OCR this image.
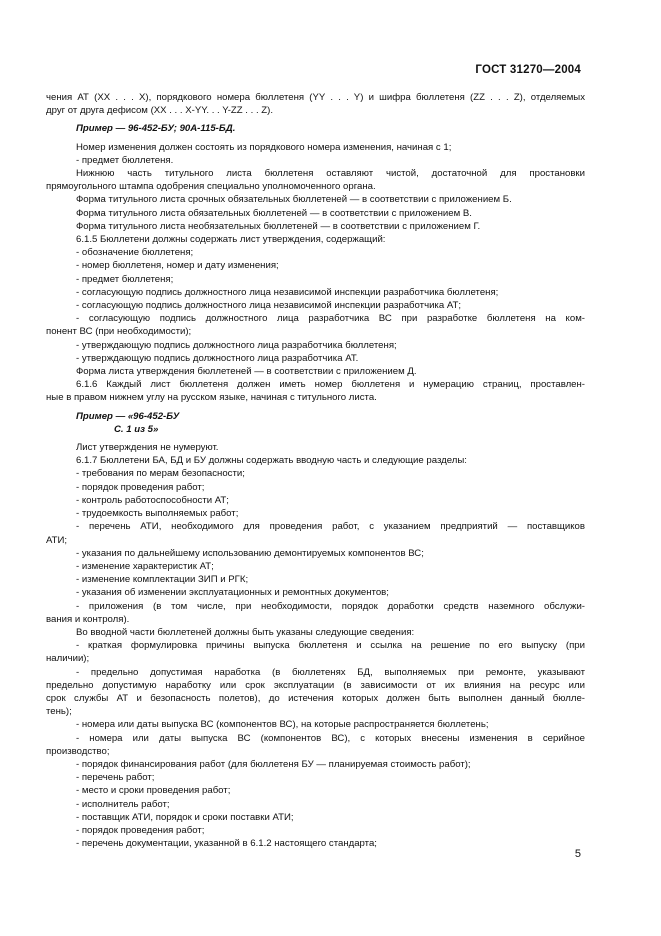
ГОСТ 31270—2004
чения АТ (ХХ . . . Х), порядкового номера бюллетеня (YY . . . Y) и шифра бюллетеня (ZZ . . . Z), отделяемых
друг от друга дефисом (XX . . . X-YY. . . Y-ZZ . . . Z).
Пример — 96-452-БУ; 90А-115-БД.
Номер изменения должен состоять из порядкового номера изменения, начиная с 1;
- предмет бюллетеня.
Нижнюю часть титульного листа бюллетеня оставляют чистой, достаточной для простановки
прямоугольного штампа одобрения специально уполномоченного органа.
Форма титульного листа срочных обязательных бюллетеней — в соответствии с приложением Б.
Форма титульного листа обязательных бюллетеней — в соответствии с приложением В.
Форма титульного листа необязательных бюллетеней — в соответствии с приложением Г.
6.1.5 Бюллетени должны содержать лист утверждения, содержащий:
- обозначение бюллетеня;
- номер бюллетеня, номер и дату изменения;
- предмет бюллетеня;
- согласующую подпись должностного лица независимой инспекции разработчика бюллетеня;
- согласующую подпись должностного лица независимой инспекции разработчика АТ;
- согласующую подпись должностного лица разработчика ВС при разработке бюллетеня на ком-
понент ВС (при необходимости);
- утверждающую подпись должностного лица разработчика бюллетеня;
- утверждающую подпись должностного лица разработчика АТ.
Форма листа утверждения бюллетеней — в соответствии с приложением Д.
6.1.6 Каждый лист бюллетеня должен иметь номер бюллетеня и нумерацию страниц, проставлен-
ные в правом нижнем углу на русском языке, начиная с титульного листа.
Пример — «96-452-БУ
С. 1 из 5»
Лист утверждения не нумеруют.
6.1.7 Бюллетени БА, БД и БУ должны содержать вводную часть и следующие разделы:
- требования по мерам безопасности;
- порядок проведения работ;
- контроль работоспособности АТ;
- трудоемкость выполняемых работ;
- перечень АТИ, необходимого для проведения работ, с указанием предприятий — поставщиков
АТИ;
- указания по дальнейшему использованию демонтируемых компонентов ВС;
- изменение характеристик АТ;
- изменение комплектации ЗИП и РГК;
- указания об изменении эксплуатационных и ремонтных документов;
- приложения (в том числе, при необходимости, порядок доработки средств наземного обслужи-
вания и контроля).
Во вводной части бюллетеней должны быть указаны следующие сведения:
- краткая формулировка причины выпуска бюллетеня и ссылка на решение по его выпуску (при
наличии);
- предельно допустимая наработка (в бюллетенях БД, выполняемых при ремонте, указывают
предельно допустимую наработку или срок эксплуатации (в зависимости от их влияния на ресурс или
срок службы АТ и безопасность полетов), до истечения которых должен быть выполнен данный бюлле-
тень);
- номера или даты выпуска ВС (компонентов ВС), на которые распространяется бюллетень;
- номера или даты выпуска ВС (компонентов ВС), с которых внесены изменения в серийное
производство;
- порядок финансирования работ (для бюллетеня БУ — планируемая стоимость работ);
- перечень работ;
- место и сроки проведения работ;
- исполнитель работ;
- поставщик АТИ, порядок и сроки поставки АТИ;
- порядок проведения работ;
- перечень документации, указанной в 6.1.2 настоящего стандарта;
5
